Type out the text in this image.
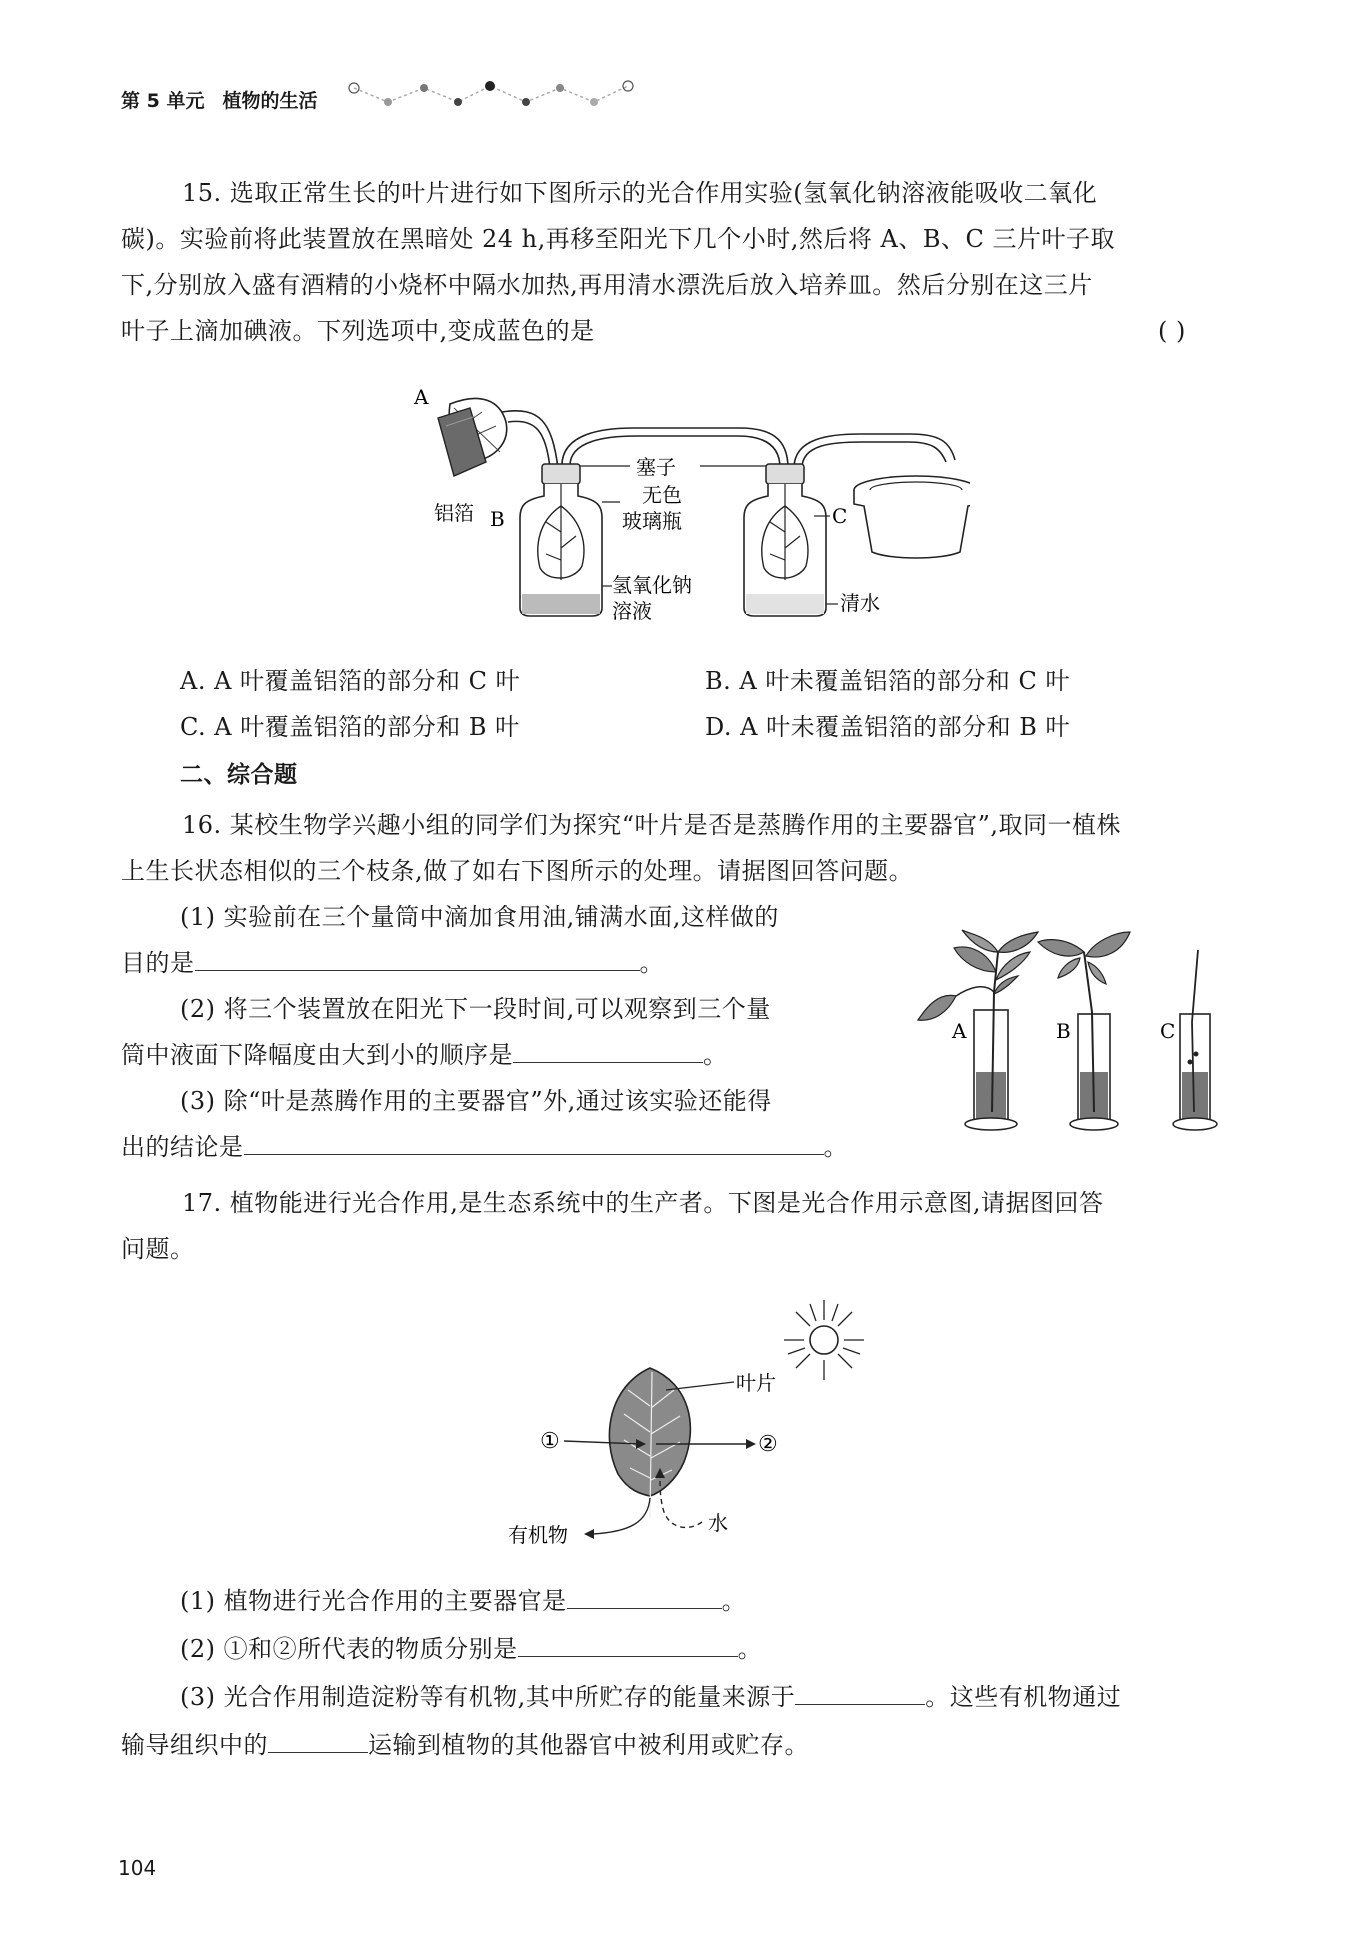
第 5 单元 植物的生活
15. 选取正常生长的叶片进行如下图所示的光合作用实验(氢氧化钠溶液能吸收二氧化
碳)。实验前将此装置放在黑暗处 24 h,再移至阳光下几个小时,然后将 A、B、C 三片叶子取
下,分别放入盛有酒精的小烧杯中隔水加热,再用清水漂洗后放入培养皿。然后分别在这三片
叶子上滴加碘液。下列选项中,变成蓝色的是	( )
A
B
铝箔	C
塞子
无色
玻璃瓶
氢氧化钠
溶液	清水
A. A 叶覆盖铝箔的部分和 C 叶	B. A 叶未覆盖铝箔的部分和 C 叶
C. A 叶覆盖铝箔的部分和 B 叶	D. A 叶未覆盖铝箔的部分和 B 叶
二、综合题
16. 某校生物学兴趣小组的同学们为探究“叶片是否是蒸腾作用的主要器官”,取同一植株
上生长状态相似的三个枝条,做了如右下图所示的处理。请据图回答问题。
(1) 实验前在三个量筒中滴加食用油,铺满水面,这样做的
目的是	。
(2) 将三个装置放在阳光下一段时间,可以观察到三个量
筒中液面下降幅度由大到小的顺序是	。
(3) 除“叶是蒸腾作用的主要器官”外,通过该实验还能得
出的结论是	。
A	B	C
17. 植物能进行光合作用,是生态系统中的生产者。下图是光合作用示意图,请据图回答
问题。
叶片
①	②
有机物	水
(1) 植物进行光合作用的主要器官是	。
(2) ①和②所代表的物质分别是	。
(3) 光合作用制造淀粉等有机物,其中所贮存的能量来源于	。这些有机物通过
输导组织中的	运输到植物的其他器官中被利用或贮存。
104
